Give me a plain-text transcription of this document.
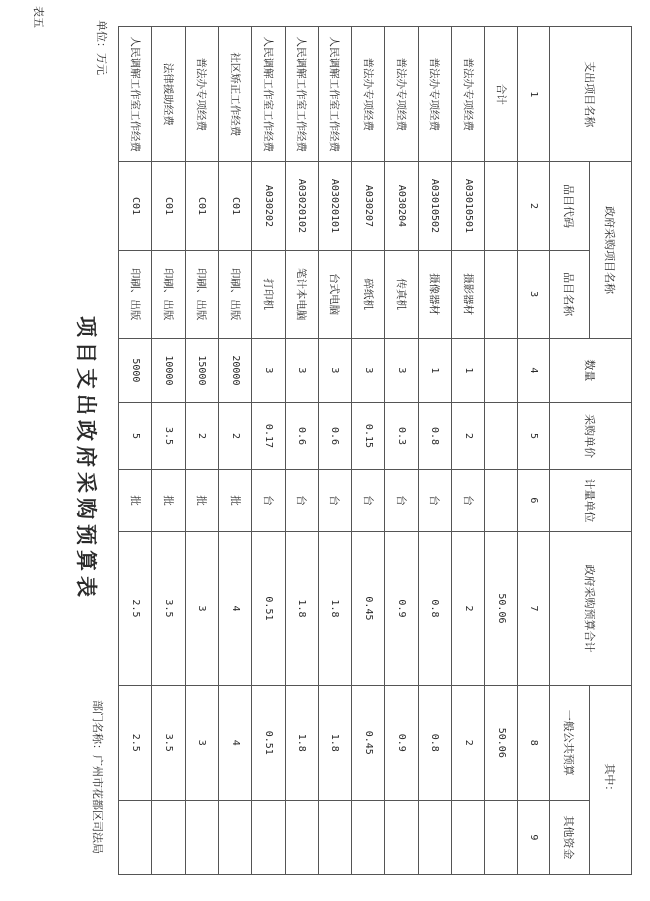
表五
单位：万元
项目支出政府采购预算表
部门名称：广州市花都区司法局
支出项目名称	政府采购项目名称		数量	采购单价	计量单位	政府采购预算合计	其中：	
	品目代码	品目名称					一般公共预算	其他资金
1	2	3	4	5	6	7	8	9
合计						50.06	50.06	
普法办专项经费	A03010501	摄影器材	1	2	台	2	2	
普法办专项经费	A03010502	摄像器材	1	0.8	台	0.8	0.8	
普法办专项经费	A030204	传真机	3	0.3	台	0.9	0.9	
普法办专项经费	A030207	碎纸机	3	0.15	台	0.45	0.45	
人民调解工作室工作经费	A03020101	台式电脑	3	0.6	台	1.8	1.8	
人民调解工作室工作经费	A03020102	笔计本电脑	3	0.6	台	1.8	1.8	
人民调解工作室工作经费	A030202	打印机	3	0.17	台	0.51	0.51	
社区矫正工作经费	C01	印刷、出版	20000	2	批	4	4	
普法办专项经费	C01	印刷、出版	15000	2	批	3	3	
法律援助经费	C01	印刷、出版	10000	3.5	批	3.5	3.5	
人民调解工作室工作经费	C01	印刷、出版	5000	5	批	2.5	2.5	
